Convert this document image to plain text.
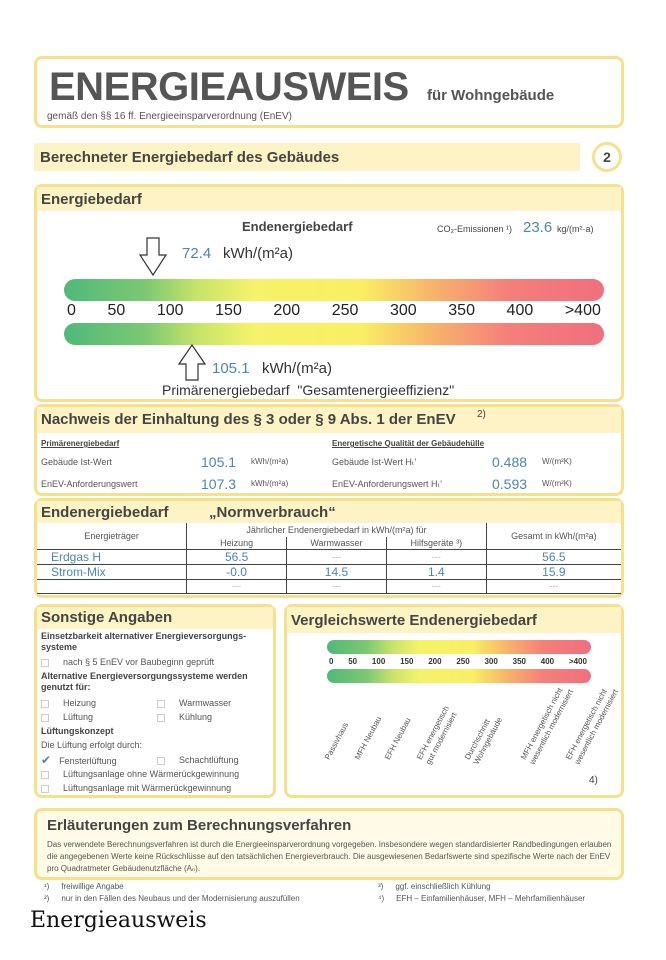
ENERGIEAUSWEIS für Wohngebäude
gemäß den §§ 16 ff. Energieeinsparverordnung (EnEV)
Berechneter Energiebedarf des Gebäudes	2
Energiebedarf
Endenergiebedarf	CO₂-Emissionen ¹) 23.6 kg/(m²·a)
72.4 kWh/(m²a)
0 50 100 150 200 250 300 350 400 >400
105.1 kWh/(m²a)
Primärenergiebedarf  "Gesamtenergieeffizienz"
Nachweis der Einhaltung des § 3 oder § 9 Abs. 1 der EnEV 2)
Primärenergiebedarf	Energetische Qualität der Gebäudehülle
Gebäude Ist-Wert	105.1 kWh/(m²a)	Gebäude Ist-Wert Hₜ'	0.488 W/(m²K)
EnEV-Anforderungswert	107.3 kWh/(m²a)	EnEV-Anforderungswert Hₜ'	0.593 W/(m²K)
Endenergiebedarf	„Normverbrauch“
Energieträger	Jährlicher Endenergiebedarf in kWh/(m²a) für			Gesamt in kWh/(m²a)
	Heizung	Warmwasser	Hilfsgeräte ³)	
Erdgas H	56.5	---	---	56.5
Strom-Mix	-0.0	14.5	1.4	15.9
	---	---	---	---
Sonstige Angaben
Einsetzbarkeit alternativer Energieversorgungs-systeme
nach § 5 EnEV vor Baubeginn geprüft
Alternative Energieversorgungssysteme werden genutzt für:
Heizung	Warmwasser
Lüftung	Kühlung
Lüftungskonzept
Die Lüftung erfolgt durch:
✔ Fensterlüftung	Schachtlüftung
Lüftungsanlage ohne Wärmerückgewinnung
Lüftungsanlage mit Wärmerückgewinnung
Vergleichswerte Endenergiebedarf
0 50 100 150 200 250 300 350 400 >400
Passivhaus MFH Neubau EFH Neubau EFH energetisch
gut modernisiert Durchschnitt
Wohngebäude MFH energetisch nicht
wesentlich modernisiert
EFH energetisch nicht
wesentlich modernisiert
4)
Erläuterungen zum Berechnungsverfahren
Das verwendete Berechnungsverfahren ist durch die Energieeinsparverordnung vorgegeben. Insbesondere wegen standardisierter Randbedingungen erlauben die angegebenen Werte keine Rückschlüsse auf den tatsächlichen Energieverbrauch. Die ausgewiesenen Bedarfswerte sind spezifische Werte nach der EnEV pro Quadratmeter Gebäudenutzfläche (Aₙ).
¹) freiwillige Angabe
²) nur in den Fällen des Neubaus und der Modernisierung auszufüllen
³) ggf. einschließlich Kühlung
⁴) EFH – Einfamilienhäuser, MFH – Mehrfamilienhäuser
Energieausweis
